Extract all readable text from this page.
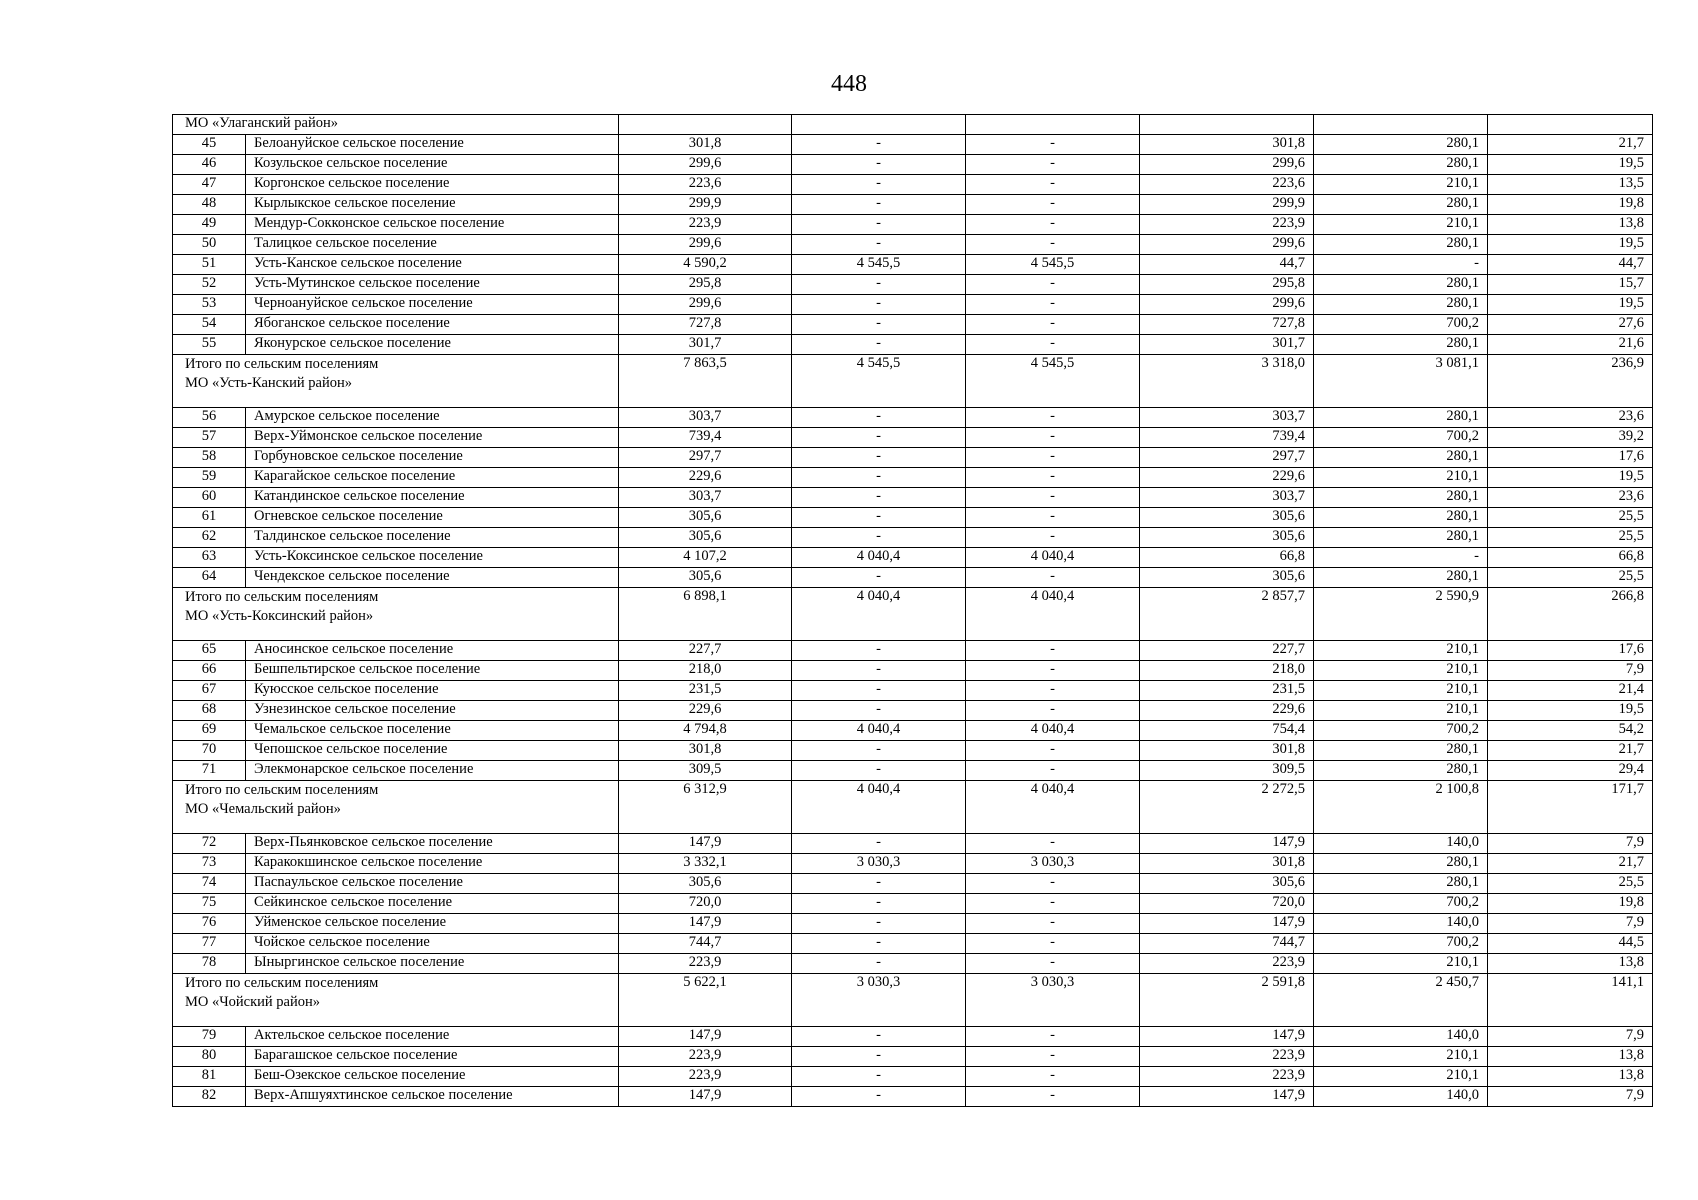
448
МО «Улаганский район»							
45	Белоануйское сельское поселение	301,8	-	-	301,8	280,1	21,7
46	Козульское сельское поселение	299,6	-	-	299,6	280,1	19,5
47	Коргонское сельское поселение	223,6	-	-	223,6	210,1	13,5
48	Кырлыкское сельское поселение	299,9	-	-	299,9	280,1	19,8
49	Мендур-Сокконское сельское поселение	223,9	-	-	223,9	210,1	13,8
50	Талицкое сельское поселение	299,6	-	-	299,6	280,1	19,5
51	Усть-Канское сельское поселение	4 590,2	4 545,5	4 545,5	44,7	-	44,7
52	Усть-Мутинское сельское поселение	295,8	-	-	295,8	280,1	15,7
53	Черноануйское сельское поселение	299,6	-	-	299,6	280,1	19,5
54	Ябоганское сельское поселение	727,8	-	-	727,8	700,2	27,6
55	Яконурское сельское поселение	301,7	-	-	301,7	280,1	21,6

Итого по сельским поселениям
МО «Усть-Канский район»		7 863,5	4 545,5	4 545,5	3 318,0	3 081,1	236,9
56	Амурское сельское поселение	303,7	-	-	303,7	280,1	23,6
57	Верх-Уймонское сельское поселение	739,4	-	-	739,4	700,2	39,2
58	Горбуновское сельское поселение	297,7	-	-	297,7	280,1	17,6
59	Карагайское сельское поселение	229,6	-	-	229,6	210,1	19,5
60	Катандинское сельское поселение	303,7	-	-	303,7	280,1	23,6
61	Огневское сельское поселение	305,6	-	-	305,6	280,1	25,5
62	Талдинское сельское поселение	305,6	-	-	305,6	280,1	25,5
63	Усть-Коксинское сельское поселение	4 107,2	4 040,4	4 040,4	66,8	-	66,8
64	Чендекское сельское поселение	305,6	-	-	305,6	280,1	25,5

Итого по сельским поселениям
МО «Усть-Коксинский район»		6 898,1	4 040,4	4 040,4	2 857,7	2 590,9	266,8
65	Аносинское сельское поселение	227,7	-	-	227,7	210,1	17,6
66	Бешпельтирское сельское поселение	218,0	-	-	218,0	210,1	7,9
67	Куюсское сельское поселение	231,5	-	-	231,5	210,1	21,4
68	Узнезинское сельское поселение	229,6	-	-	229,6	210,1	19,5
69	Чемальское сельское поселение	4 794,8	4 040,4	4 040,4	754,4	700,2	54,2
70	Чепошское сельское поселение	301,8	-	-	301,8	280,1	21,7
71	Элекмонарское сельское поселение	309,5	-	-	309,5	280,1	29,4

Итого по сельским поселениям
МО «Чемальский район»		6 312,9	4 040,4	4 040,4	2 272,5	2 100,8	171,7
72	Верх-Пьянковское сельское поселение	147,9	-	-	147,9	140,0	7,9
73	Каракокшинское сельское поселение	3 332,1	3 030,3	3 030,3	301,8	280,1	21,7
74	Пасnaульское сельское поселение	305,6	-	-	305,6	280,1	25,5
75	Сейкинское сельское поселение	720,0	-	-	720,0	700,2	19,8
76	Уйменское сельское поселение	147,9	-	-	147,9	140,0	7,9
77	Чойское сельское поселение	744,7	-	-	744,7	700,2	44,5
78	Ыныргинское сельское поселение	223,9	-	-	223,9	210,1	13,8

Итого по сельским поселениям
МО «Чойский район»		5 622,1	3 030,3	3 030,3	2 591,8	2 450,7	141,1
79	Актельское сельское поселение	147,9	-	-	147,9	140,0	7,9
80	Барагашское сельское поселение	223,9	-	-	223,9	210,1	13,8
81	Беш-Озекское сельское поселение	223,9	-	-	223,9	210,1	13,8
82	Верх-Апшуяхтинское сельское поселение	147,9	-	-	147,9	140,0	7,9
